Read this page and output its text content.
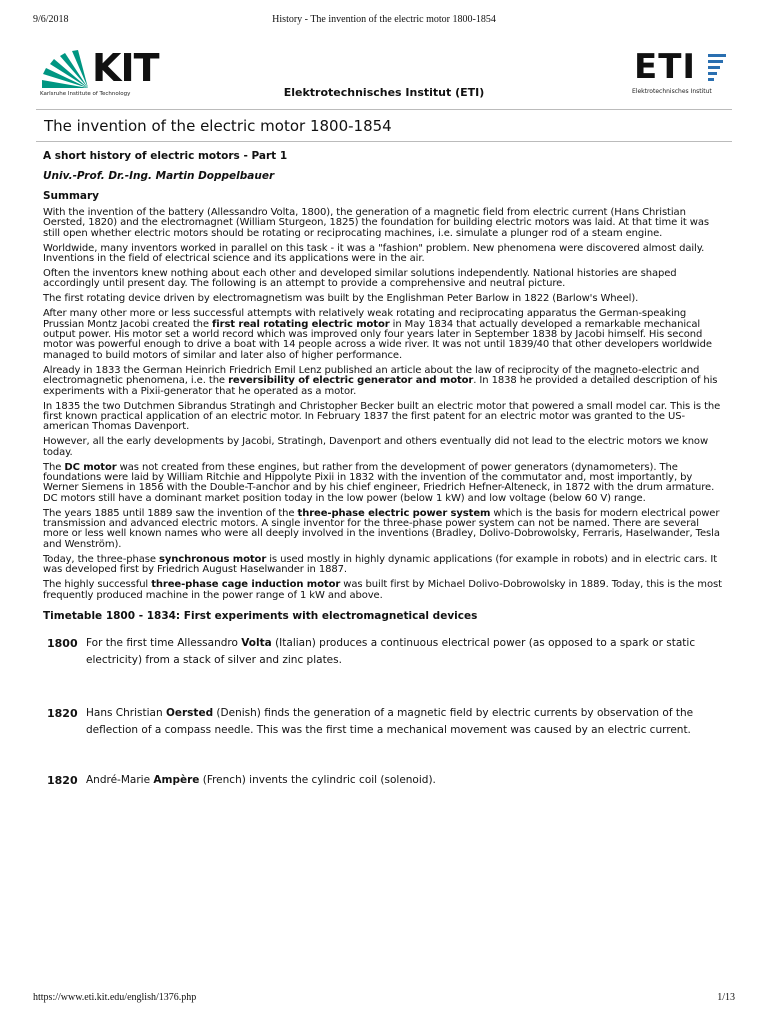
9/6/2018	History - The invention of the electric motor 1800-1854
KIT
Karlsruhe Institute of Technology	Elektrotechnisches Institut (ETI)
ETI
Elektrotechnisches Institut
The invention of the electric motor 1800-1854
A short history of electric motors - Part 1
Univ.-Prof. Dr.-Ing. Martin Doppelbauer
Summary

With the invention of the battery (Allessandro Volta, 1800), the generation of a magnetic field from electric current (Hans Christian Oersted, 1820) and the electromagnet (William Sturgeon, 1825) the foundation for building electric motors was laid. At that time it was still open whether electric motors should be rotating or reciprocating machines, i.e. simulate a plunger rod of a steam engine.

Worldwide, many inventors worked in parallel on this task - it was a "fashion" problem. New phenomena were discovered almost daily. Inventions in the field of electrical science and its applications were in the air.

Often the inventors knew nothing about each other and developed similar solutions independently. National histories are shaped accordingly until present day. The following is an attempt to provide a comprehensive and neutral picture.

The first rotating device driven by electromagnetism was built by the Englishman Peter Barlow in 1822 (Barlow's Wheel).

After many other more or less successful attempts with relatively weak rotating and reciprocating apparatus the German-speaking Prussian Montz Jacobi created the first real rotating electric motor in May 1834 that actually developed a remarkable mechanical output power. His motor set a world record which was improved only four years later in September 1838 by Jacobi himself. His second motor was powerful enough to drive a boat with 14 people across a wide river. It was not until 1839/40 that other developers worldwide managed to build motors of similar and later also of higher performance.

Already in 1833 the German Heinrich Friedrich Emil Lenz published an article about the law of reciprocity of the magneto-electric and electromagnetic phenomena, i.e. the reversibility of electric generator and motor. In 1838 he provided a detailed description of his experiments with a Pixii-generator that he operated as a motor.

In 1835 the two Dutchmen Sibrandus Stratingh and Christopher Becker built an electric motor that powered a small model car. This is the first known practical application of an electric motor. In February 1837 the first patent for an electric motor was granted to the US-american Thomas Davenport.

However, all the early developments by Jacobi, Stratingh, Davenport and others eventually did not lead to the electric motors we know today.

The DC motor was not created from these engines, but rather from the development of power generators (dynamometers). The foundations were laid by William Ritchie and Hippolyte Pixii in 1832 with the invention of the commutator and, most importantly, by Werner Siemens in 1856 with the Double-T-anchor and by his chief engineer, Friedrich Hefner-Alteneck, in 1872 with the drum armature. DC motors still have a dominant market position today in the low power (below 1 kW) and low voltage (below 60 V) range.

The years 1885 until 1889 saw the invention of the three-phase electric power system which is the basis for modern electrical power transmission and advanced electric motors. A single inventor for the three-phase power system can not be named. There are several more or less well known names who were all deeply involved in the inventions (Bradley, Dolivo-Dobrowolsky, Ferraris, Haselwander, Tesla and Wenström).

Today, the three-phase synchronous motor is used mostly in highly dynamic applications (for example in robots) and in electric cars. It was developed first by Friedrich August Haselwander in 1887.

The highly successful three-phase cage induction motor was built first by Michael Dolivo-Dobrowolsky in 1889. Today, this is the most frequently produced machine in the power range of 1 kW and above.

Timetable 1800 - 1834: First experiments with electromagnetical devices
1800 For the first time Allessandro Volta (Italian) produces a continuous electrical power (as opposed to a spark or static electricity) from a stack of silver and zinc plates.
1820 Hans Christian Oersted (Denish) finds the generation of a magnetic field by electric currents by observation of the deflection of a compass needle. This was the first time a mechanical movement was caused by an electric current.
1820 André-Marie Ampère (French) invents the cylindric coil (solenoid).
https://www.eti.kit.edu/english/1376.php	1/13
